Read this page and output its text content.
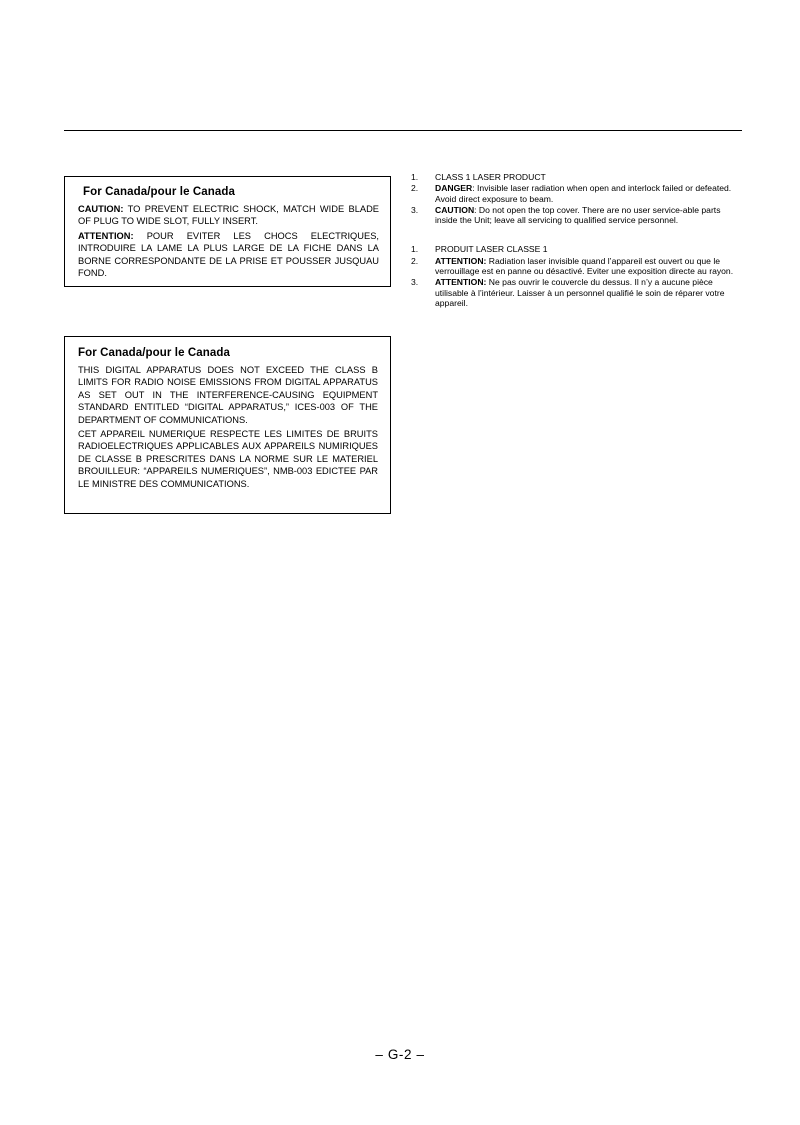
For Canada/pour le Canada

CAUTION: TO PREVENT ELECTRIC SHOCK, MATCH WIDE BLADE OF PLUG TO WIDE SLOT, FULLY INSERT.

ATTENTION: POUR EVITER LES CHOCS ELECTRIQUES, INTRODUIRE LA LAME LA PLUS LARGE DE LA FICHE DANS LA BORNE CORRESPONDANTE DE LA PRISE ET POUSSER JUSQUAU FOND.

For Canada/pour le Canada

THIS DIGITAL APPARATUS DOES NOT EXCEED THE CLASS B LIMITS FOR RADIO NOISE EMISSIONS FROM DIGITAL APPARATUS AS SET OUT IN THE INTERFERENCE-CAUSING EQUIPMENT STANDARD ENTITLED “DIGITAL APPARATUS,” ICES-003 OF THE DEPARTMENT OF COMMUNICATIONS.

CET APPAREIL NUMERIQUE RESPECTE LES LIMITES DE BRUITS RADIOELECTRIQUES APPLICABLES AUX APPAREILS NUMIRIQUES DE CLASSE B PRESCRITES DANS LA NORME SUR LE MATERIEL BROUILLEUR: “APPAREILS NUMERIQUES”, NMB-003 EDICTEE PAR LE MINISTRE DES COMMUNICATIONS.

1.	CLASS 1 LASER PRODUCT
2.	DANGER: Invisible laser radiation when open and interlock failed or defeated. Avoid direct exposure to beam.
3.	CAUTION: Do not open the top cover. There are no user service-able parts inside the Unit; leave all servicing to qualified service personnel.
1.	PRODUIT LASER CLASSE 1
2.	ATTENTION: Radiation laser invisible quand l’appareil est ouvert ou que le verrouillage est en panne ou désactivé. Eviter une exposition directe au rayon.
3.	ATTENTION: Ne pas ouvrir le couvercle du dessus. Il n’y a aucune pièce utilisable à l’intérieur. Laisser à un personnel qualifié le soin de réparer votre appareil.
– G-2 –
